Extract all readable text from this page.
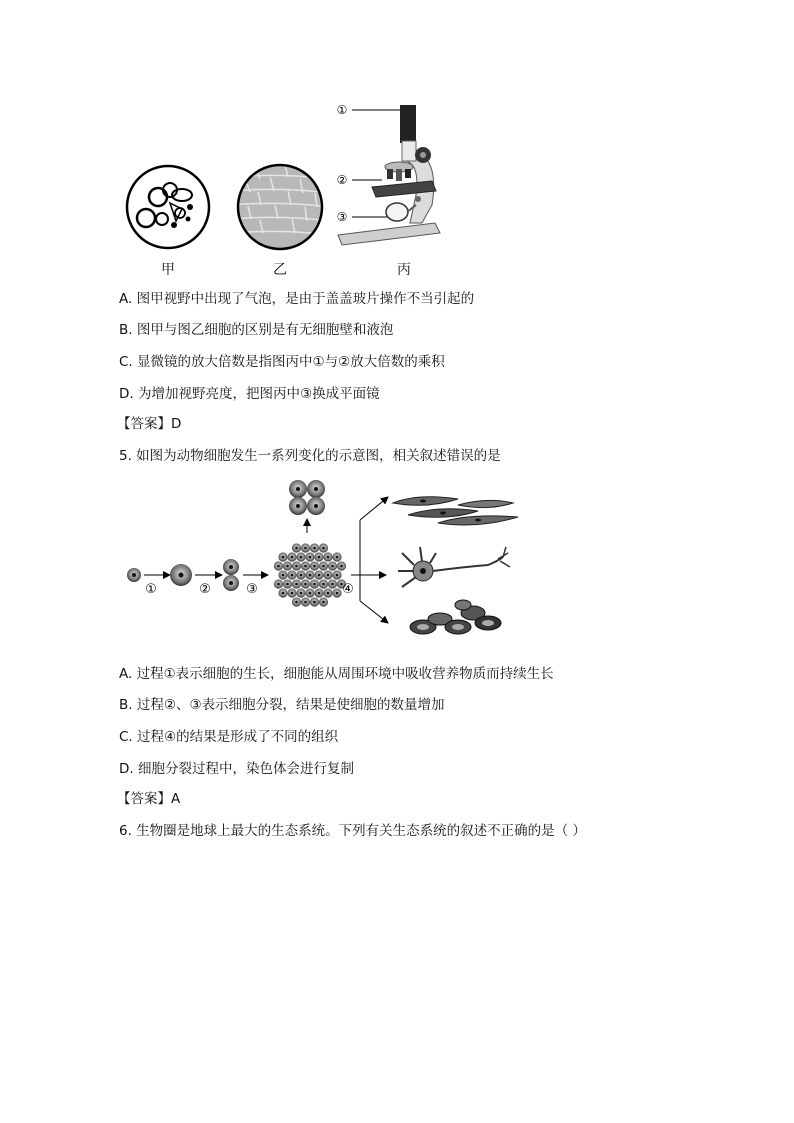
①
②
③
甲	乙	丙
A. 图甲视野中出现了气泡，是由于盖盖玻片操作不当引起的
B. 图甲与图乙细胞的区别是有无细胞壁和液泡
C. 显微镜的放大倍数是指图丙中①与②放大倍数的乘积
D. 为增加视野亮度，把图丙中③换成平面镜
【答案】D
5. 如图为动物细胞发生一系列变化的示意图，相关叙述错误的是
①	②	③	④
A. 过程①表示细胞的生长，细胞能从周围环境中吸收营养物质而持续生长
B. 过程②、③表示细胞分裂，结果是使细胞的数量增加
C. 过程④的结果是形成了不同的组织
D. 细胞分裂过程中，染色体会进行复制
【答案】A
6. 生物圈是地球上最大的生态系统。下列有关生态系统的叙述不正确的是（ ）
